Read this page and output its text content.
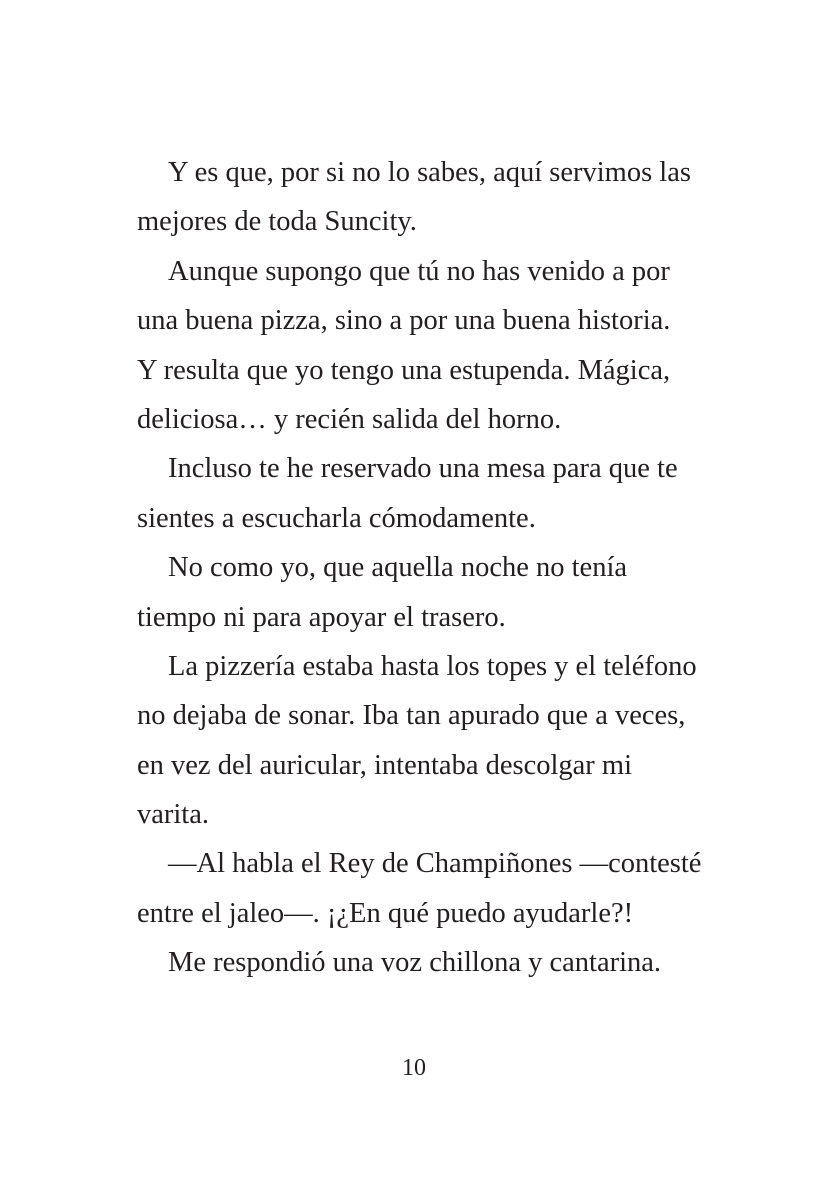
Y es que, por si no lo sabes, aquí servimos las
mejores de toda Suncity.
Aunque supongo que tú no has venido a por
una buena pizza, sino a por una buena historia.
Y resulta que yo tengo una estupenda. Mágica,
deliciosa… y recién salida del horno.
Incluso te he reservado una mesa para que te
sientes a escucharla cómodamente.
No como yo, que aquella noche no tenía
tiempo ni para apoyar el trasero.
La pizzería estaba hasta los topes y el teléfono
no dejaba de sonar. Iba tan apurado que a veces,
en vez del auricular, intentaba descolgar mi
varita.
—Al habla el Rey de Champiñones —contesté
entre el jaleo—. ¡¿En qué puedo ayudarle?!
Me respondió una voz chillona y cantarina.
10
